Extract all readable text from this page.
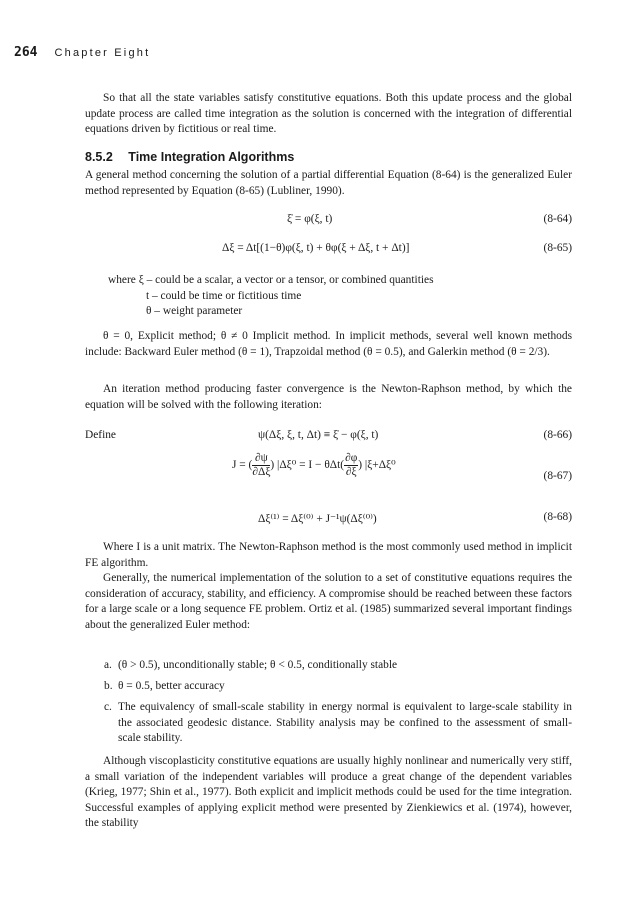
264 Chapter Eight
So that all the state variables satisfy constitutive equations. Both this update process and the global update process are called time integration as the solution is concerned with the integration of differential equations driven by fictitious or real time.
8.5.2 Time Integration Algorithms
A general method concerning the solution of a partial differential Equation (8-64) is the generalized Euler method represented by Equation (8-65) (Lubliner, 1990).
ξ̇ = φ(ξ, t)	(8-64)
Δξ = Δt[(1−θ)φ(ξ, t) + θφ(ξ + Δξ, t + Δt)]	(8-65)
where ξ – could be a scalar, a vector or a tensor, or combined quantities
t – could be time or fictitious time
θ – weight parameter
θ = 0, Explicit method; θ ≠ 0 Implicit method. In implicit methods, several well known methods include: Backward Euler method (θ = 1), Trapzoidal method (θ = 0.5), and Galerkin method (θ = 2/3).
An iteration method producing faster convergence is the Newton-Raphson method, by which the equation will be solved with the following iteration:
Define	ψ(Δξ, ξ, t, Δt) ≡ ξ̇ − φ(ξ, t)	(8-66)
J = ( $\frac{\partial\psi}{\partial\Delta\xi}$ ) $|\Delta\xi^0 = I - \theta\Delta t( \frac{\partial\varphi}{\partial\xi}$ ) |ξ+Δξ⁰
(8-67)
Δξ⁽¹⁾ = Δξ⁽⁰⁾ + J⁻¹ψ(Δξ⁽⁰⁾)	(8-68)
Where I is a unit matrix. The Newton-Raphson method is the most commonly used method in implicit FE algorithm.
Generally, the numerical implementation of the solution to a set of constitutive equations requires the consideration of accuracy, stability, and efficiency. A compromise should be reached between these factors for a large scale or a long sequence FE problem. Ortiz et al. (1985) summarized several important findings about the generalized Euler method:
a. (θ > 0.5), unconditionally stable; θ < 0.5, conditionally stable
b. θ = 0.5, better accuracy
c. The equivalency of small-scale stability in energy normal is equivalent to large-scale stability in the associated geodesic distance. Stability analysis may be confined to the assessment of small-scale stability.
Although viscoplasticity constitutive equations are usually highly nonlinear and numerically very stiff, a small variation of the independent variables will produce a great change of the dependent variables (Krieg, 1977; Shin et al., 1977). Both explicit and implicit methods could be used for the time integration. Successful examples of applying explicit method were presented by Zienkiewics et al. (1974), however, the stability
